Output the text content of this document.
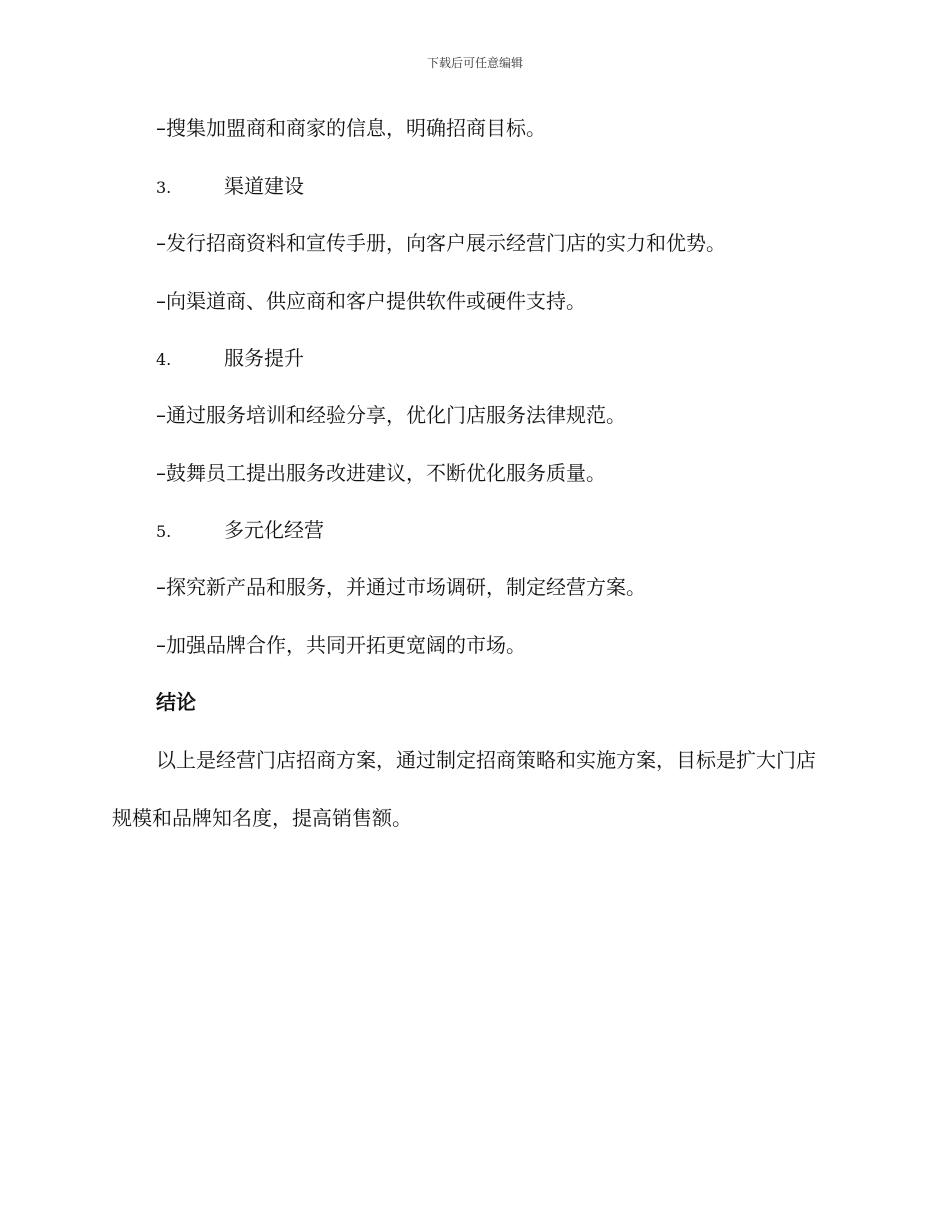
下载后可任意编辑
–搜集加盟商和商家的信息，明确招商目标。
3.	渠道建设
–发行招商资料和宣传手册，向客户展示经营门店的实力和优势。
–向渠道商、供应商和客户提供软件或硬件支持。
4.	服务提升
–通过服务培训和经验分享，优化门店服务法律规范。
–鼓舞员工提出服务改进建议，不断优化服务质量。
5.	多元化经营
–探究新产品和服务，并通过市场调研，制定经营方案。
–加强品牌合作，共同开拓更宽阔的市场。
结论
以上是经营门店招商方案，通过制定招商策略和实施方案，目标是扩大门店规模和品牌知名度，提高销售额。
